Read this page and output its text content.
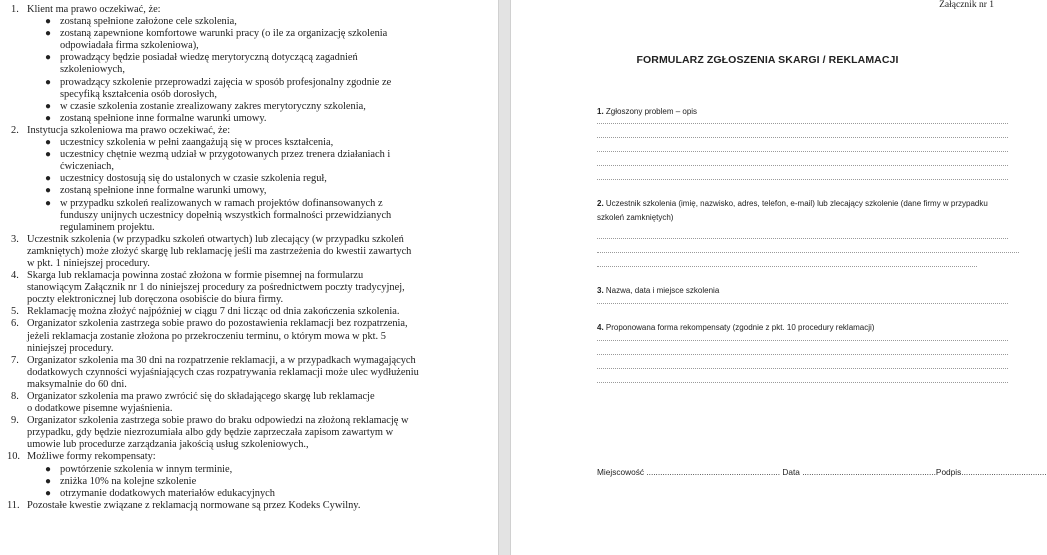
1. Klient ma prawo oczekiwać, że:
● zostaną spełnione założone cele szkolenia,
● zostaną zapewnione komfortowe warunki pracy (o ile za organizację szkolenia
odpowiadała firma szkoleniowa),
● prowadzący będzie posiadał wiedzę merytoryczną dotyczącą zagadnień
szkoleniowych,
● prowadzący szkolenie przeprowadzi zajęcia w sposób profesjonalny zgodnie ze
specyfiką kształcenia osób dorosłych,
● w czasie szkolenia zostanie zrealizowany zakres merytoryczny szkolenia,
● zostaną spełnione inne formalne warunki umowy.
2. Instytucja szkoleniowa ma prawo oczekiwać, że:
● uczestnicy szkolenia w pełni zaangażują się w proces kształcenia,
● uczestnicy chętnie wezmą udział w przygotowanych przez trenera działaniach i
ćwiczeniach,
● uczestnicy dostosują się do ustalonych w czasie szkolenia reguł,
● zostaną spełnione inne formalne warunki umowy,
● w przypadku szkoleń realizowanych w ramach projektów dofinansowanych z
funduszy unijnych uczestnicy dopełnią wszystkich formalności przewidzianych
regulaminem projektu.
3. Uczestnik szkolenia (w przypadku szkoleń otwartych) lub zlecający (w przypadku szkoleń
zamkniętych) może złożyć skargę lub reklamację jeśli ma zastrzeżenia do kwestii zawartych
w pkt. 1 niniejszej procedury.
4. Skarga lub reklamacja powinna zostać złożona w formie pisemnej na formularzu
stanowiącym Załącznik nr 1 do niniejszej procedury za pośrednictwem poczty tradycyjnej,
poczty elektronicznej lub doręczona osobiście do biura firmy.
5. Reklamację można złożyć najpóźniej w ciągu 7 dni licząc od dnia zakończenia szkolenia.
6. Organizator szkolenia zastrzega sobie prawo do pozostawienia reklamacji bez rozpatrzenia,
jeżeli reklamacja zostanie złożona po przekroczeniu terminu, o którym mowa w pkt. 5
niniejszej procedury.
7. Organizator szkolenia ma 30 dni na rozpatrzenie reklamacji, a w przypadkach wymagających
dodatkowych czynności wyjaśniających czas rozpatrywania reklamacji może ulec wydłużeniu
maksymalnie do 60 dni.
8. Organizator szkolenia ma prawo zwrócić się do składającego skargę lub reklamacje
o dodatkowe pisemne wyjaśnienia.
9. Organizator szkolenia zastrzega sobie prawo do braku odpowiedzi na złożoną reklamację w
przypadku, gdy będzie niezrozumiała albo gdy będzie zaprzeczała zapisom zawartym w
umowie lub procedurze zarządzania jakością usług szkoleniowych.,
10. Możliwe formy rekompensaty:
● powtórzenie szkolenia w innym terminie,
● zniżka 10% na kolejne szkolenie
● otrzymanie dodatkowych materiałów edukacyjnych
11. Pozostałe kwestie związane z reklamacją normowane są przez Kodeks Cywilny.
Załącznik nr 1
FORMULARZ ZGŁOSZENIA SKARGI / REKLAMACJI
1. Zgłoszony problem – opis
2. Uczestnik szkolenia (imię, nazwisko, adres, telefon, e-mail) lub zlecający szkolenie (dane firmy w przypadku szkoleń zamkniętych)
3. Nazwa, data i miejsce szkolenia
4. Proponowana forma rekompensaty (zgodnie z pkt. 10 procedury reklamacji)
Miejscowość .......................................................... Data ..........................................................Podpis.....................................
